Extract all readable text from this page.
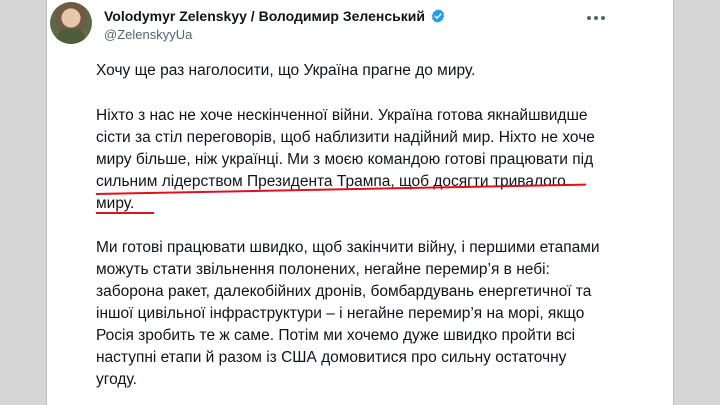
Volodymyr Zelenskyy / Володимир Зеленський
@ZelenskyyUa
Хочу ще раз наголосити, що Україна прагне до миру.
Ніхто з нас не хоче нескінченної війни. Україна готова якнайшвидше
сісти за стіл переговорів, щоб наблизити надійний мир. Ніхто не хоче
миру більше, ніж українці. Ми з моєю командою готові працювати під
сильним лідерством Президента Трампа, щоб досягти тривалого
миру.
Ми готові працювати швидко, щоб закінчити війну, і першими етапами
можуть стати звільнення полонених, негайне перемир’я в небі:
заборона ракет, далекобійних дронів, бомбардувань енергетичної та
іншої цивільної інфраструктури – і негайне перемир’я на морі, якщо
Росія зробить те ж саме. Потім ми хочемо дуже швидко пройти всі
наступні етапи й разом із США домовитися про сильну остаточну
угоду.
